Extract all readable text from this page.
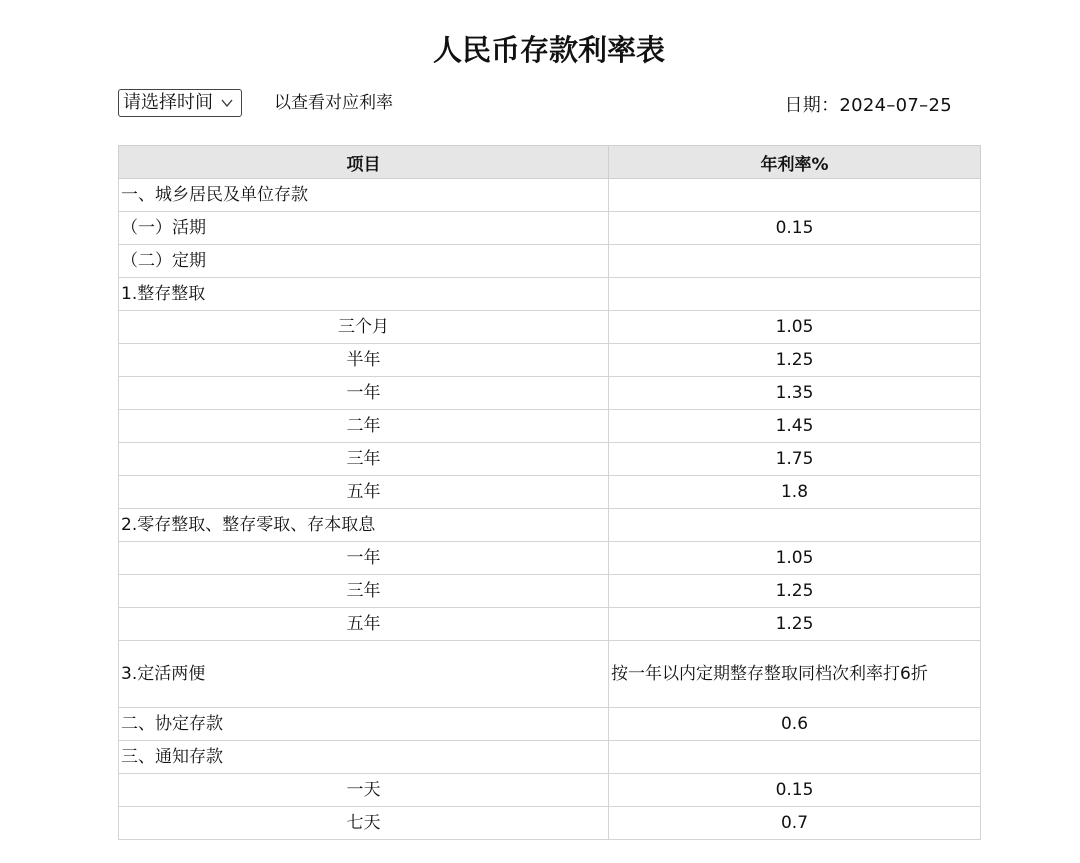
人民币存款利率表
请选择时间	以查看对应利率	日期：2024–07–25
项目	年利率%
一、城乡居民及单位存款	
（一）活期	0.15
（二）定期	
1.整存整取	
三个月	1.05
半年	1.25
一年	1.35
二年	1.45
三年	1.75
五年	1.8
2.零存整取、整存零取、存本取息	
一年	1.05
三年	1.25
五年	1.25
3.定活两便	按一年以内定期整存整取同档次利率打6折
二、协定存款	0.6
三、通知存款	
一天	0.15
七天	0.7
